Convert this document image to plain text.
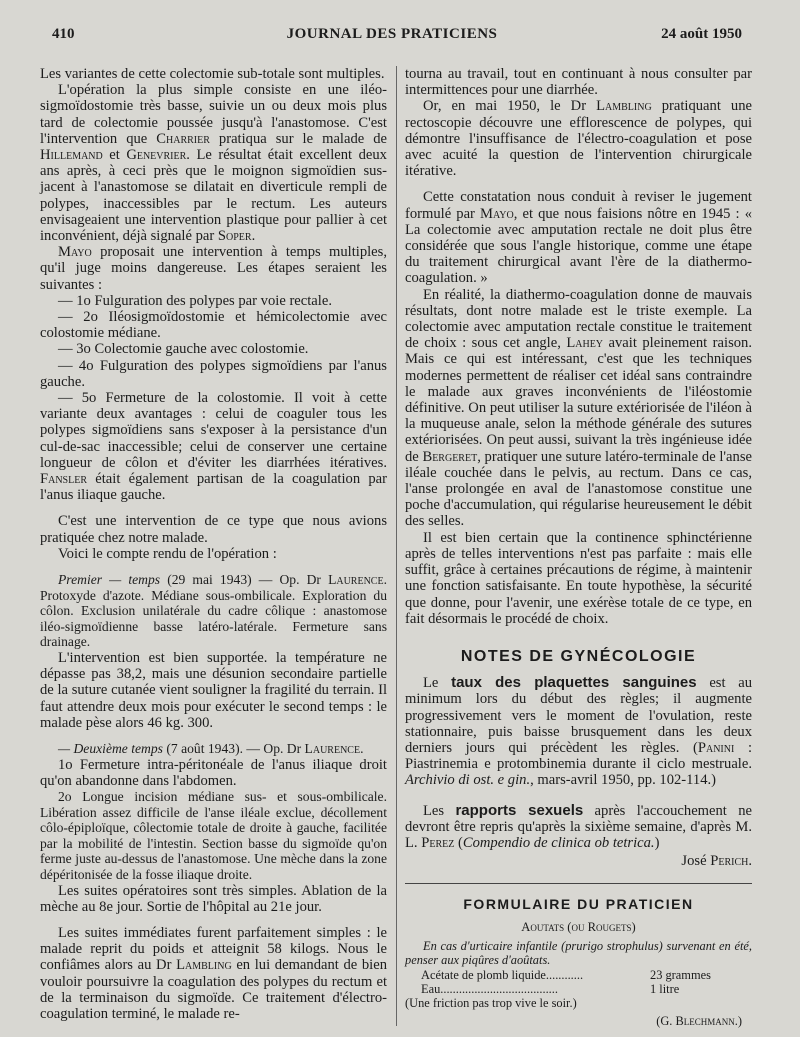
410	JOURNAL DES PRATICIENS	24 août 1950

Les variantes de cette colectomie sub-totale sont multiples.

L'opération la plus simple consiste en une iléo-sigmoïdostomie très basse, suivie un ou deux mois plus tard de colectomie poussée jusqu'à l'anastomose. C'est l'intervention que Charrier pratiqua sur le malade de Hillemand et Genevrier. Le résultat était excellent deux ans après, à ceci près que le moignon sigmoïdien sus-jacent à l'anastomose se dilatait en diverticule rempli de polypes, inaccessibles par le rectum. Les auteurs envisageaient une intervention plastique pour pallier à cet inconvénient, déjà signalé par Soper.

Mayo proposait une intervention à temps multiples, qu'il juge moins dangereuse. Les étapes seraient les suivantes :

— 1o Fulguration des polypes par voie rectale.

— 2o Iléosigmoïdostomie et hémicolectomie avec colostomie médiane.

— 3o Colectomie gauche avec colostomie.

— 4o Fulguration des polypes sigmoïdiens par l'anus gauche.

— 5o Fermeture de la colostomie. Il voit à cette variante deux avantages : celui de coaguler tous les polypes sigmoïdiens sans s'exposer à la persistance d'un cul-de-sac inaccessible; celui de conserver une certaine longueur de côlon et d'éviter les diarrhées itératives. Fansler était également partisan de la coagulation par l'anus iliaque gauche.

C'est une intervention de ce type que nous avions pratiquée chez notre malade.

Voici le compte rendu de l'opération :

Premier — temps (29 mai 1943) — Op. Dr Laurence. Protoxyde d'azote. Médiane sous-ombilicale. Exploration du côlon. Exclusion unilatérale du cadre côlique : anastomose iléo-sigmoïdienne basse latéro-latérale. Fermeture sans drainage.

L'intervention est bien supportée. la température ne dépasse pas 38,2, mais une désunion secondaire partielle de la suture cutanée vient souligner la fragilité du terrain. Il faut attendre deux mois pour exécuter le second temps : le malade pèse alors 46 kg. 300.

— Deuxième temps (7 août 1943). — Op. Dr Laurence.

1o Fermeture intra-péritonéale de l'anus iliaque droit qu'on abandonne dans l'abdomen.

2o Longue incision médiane sus- et sous-ombilicale. Libération assez difficile de l'anse iléale exclue, décollement côlo-épiploïque, côlectomie totale de droite à gauche, facilitée par la mobilité de l'intestin. Section basse du sigmoïde qu'on ferme juste au-dessus de l'anastomose. Une mèche dans la zone dépéritonisée de la fosse iliaque droite.

Les suites opératoires sont très simples. Ablation de la mèche au 8e jour. Sortie de l'hôpital au 21e jour.

Les suites immédiates furent parfaitement simples : le malade reprit du poids et atteignit 58 kilogs. Nous le confiâmes alors au Dr Lambling en lui demandant de bien vouloir poursuivre la coagulation des polypes du rectum et de la terminaison du sigmoïde. Ce traitement d'électro-coagulation terminé, le malade re-

tourna au travail, tout en continuant à nous consulter par intermittences pour une diarrhée.

Or, en mai 1950, le Dr Lambling pratiquant une rectoscopie découvre une efflorescence de polypes, qui démontre l'insuffisance de l'électro-coagulation et pose avec acuité la question de l'intervention chirurgicale itérative.

Cette constatation nous conduit à reviser le jugement formulé par Mayo, et que nous faisions nôtre en 1945 : « La colectomie avec amputation rectale ne doit plus être considérée que sous l'angle historique, comme une étape du traitement chirurgical avant l'ère de la diathermo-coagulation. »

En réalité, la diathermo-coagulation donne de mauvais résultats, dont notre malade est le triste exemple. La colectomie avec amputation rectale constitue le traitement de choix : sous cet angle, Lahey avait pleinement raison. Mais ce qui est intéressant, c'est que les techniques modernes permettent de réaliser cet idéal sans contraindre le malade aux graves inconvénients de l'iléostomie définitive. On peut utiliser la suture extériorisée de l'iléon à la muqueuse anale, selon la méthode générale des sutures extériorisées. On peut aussi, suivant la très ingénieuse idée de Bergeret, pratiquer une suture latéro-terminale de l'anse iléale couchée dans le pelvis, au rectum. Dans ce cas, l'anse prolongée en aval de l'anastomose constitue une poche d'accumulation, qui régularise heureusement le débit des selles.

Il est bien certain que la continence sphinctérienne après de telles interventions n'est pas parfaite : mais elle suffit, grâce à certaines précautions de régime, à maintenir une fonction satisfaisante. En toute hypothèse, la sécurité que donne, pour l'avenir, une exérèse totale de ce type, en fait désormais le procédé de choix.

NOTES DE GYNÉCOLOGIE

Le taux des plaquettes sanguines est au minimum lors du début des règles; il augmente progressivement vers le moment de l'ovulation, reste stationnaire, puis baisse brusquement dans les deux derniers jours qui précèdent les règles. (Panini : Piastrinemia e protombinemia durante il ciclo mestruale. Archivio di ost. e gin., mars-avril 1950, pp. 102-114.)

Les rapports sexuels après l'accouchement ne devront être repris qu'après la sixième semaine, d'après M. L. Perez (Compendio de clinica ob tetrica.)

José Perich.
FORMULAIRE DU PRATICIEN
Aoutats (ou Rougets)

En cas d'urticaire infantile (prurigo strophulus) survenant en été, penser aux piqûres d'aoûtats.

Acétate de plomb liquide............	23 grammes
Eau......................................	1 litre

(Une friction pas trop vive le soir.)

(G. Blechmann.)
